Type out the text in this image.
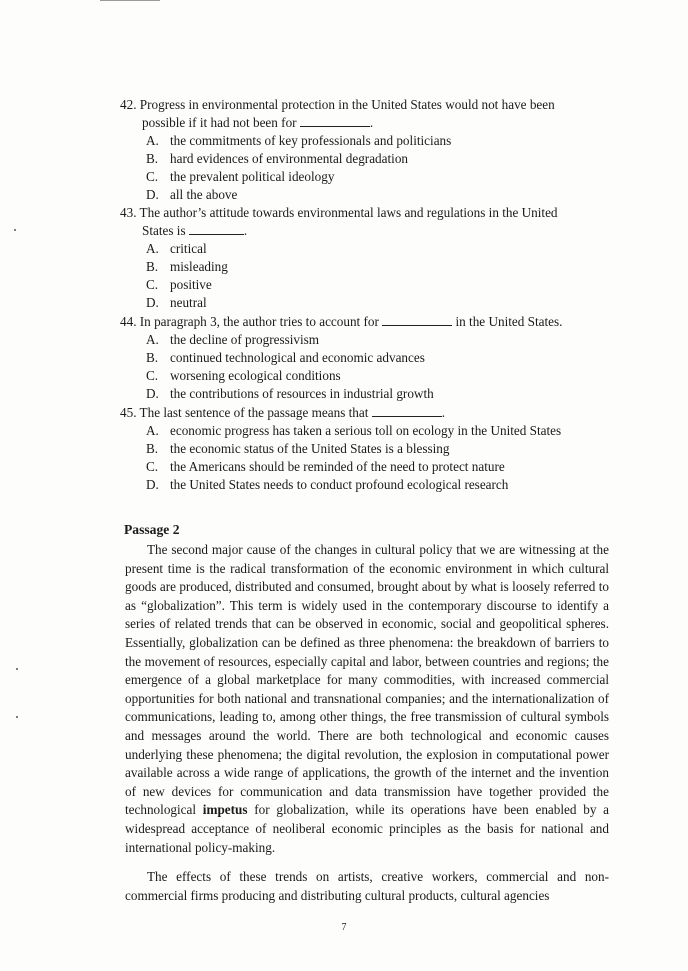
42. Progress in environmental protection in the United States would not have been
possible if it had not been for	.
A. the commitments of key professionals and politicians
B. hard evidences of environmental degradation
C. the prevalent political ideology
D. all the above
43. The author’s attitude towards environmental laws and regulations in the United
States is	.
A. critical
B. misleading
C. positive
D. neutral
44. In paragraph 3, the author tries to account for	in the United States.
A. the decline of progressivism
B. continued technological and economic advances
C. worsening ecological conditions
D. the contributions of resources in industrial growth
45. The last sentence of the passage means that	.
A. economic progress has taken a serious toll on ecology in the United States
B. the economic status of the United States is a blessing
C. the Americans should be reminded of the need to protect nature
D. the United States needs to conduct profound ecological research
Passage 2
The second major cause of the changes in cultural policy that we are witnessing at the present time is the radical transformation of the economic environment in which cultural goods are produced, distributed and consumed, brought about by what is loosely referred to as “globalization”. This term is widely used in the contemporary discourse to identify a series of related trends that can be observed in economic, social and geopolitical spheres. Essentially, globalization can be defined as three phenomena: the breakdown of barriers to the movement of resources, especially capital and labor, between countries and regions; the emergence of a global marketplace for many commodities, with increased commercial opportunities for both national and transnational companies; and the internationalization of communications, leading to, among other things, the free transmission of cultural symbols and messages around the world. There are both technological and economic causes underlying these phenomena; the digital revolution, the explosion in computational power available across a wide range of applications, the growth of the internet and the invention of new devices for communication and data transmission have together provided the technological impetus for globalization, while its operations have been enabled by a widespread acceptance of neoliberal economic principles as the basis for national and international policy-making.
The effects of these trends on artists, creative workers, commercial and non-commercial firms producing and distributing cultural products, cultural agencies
7
